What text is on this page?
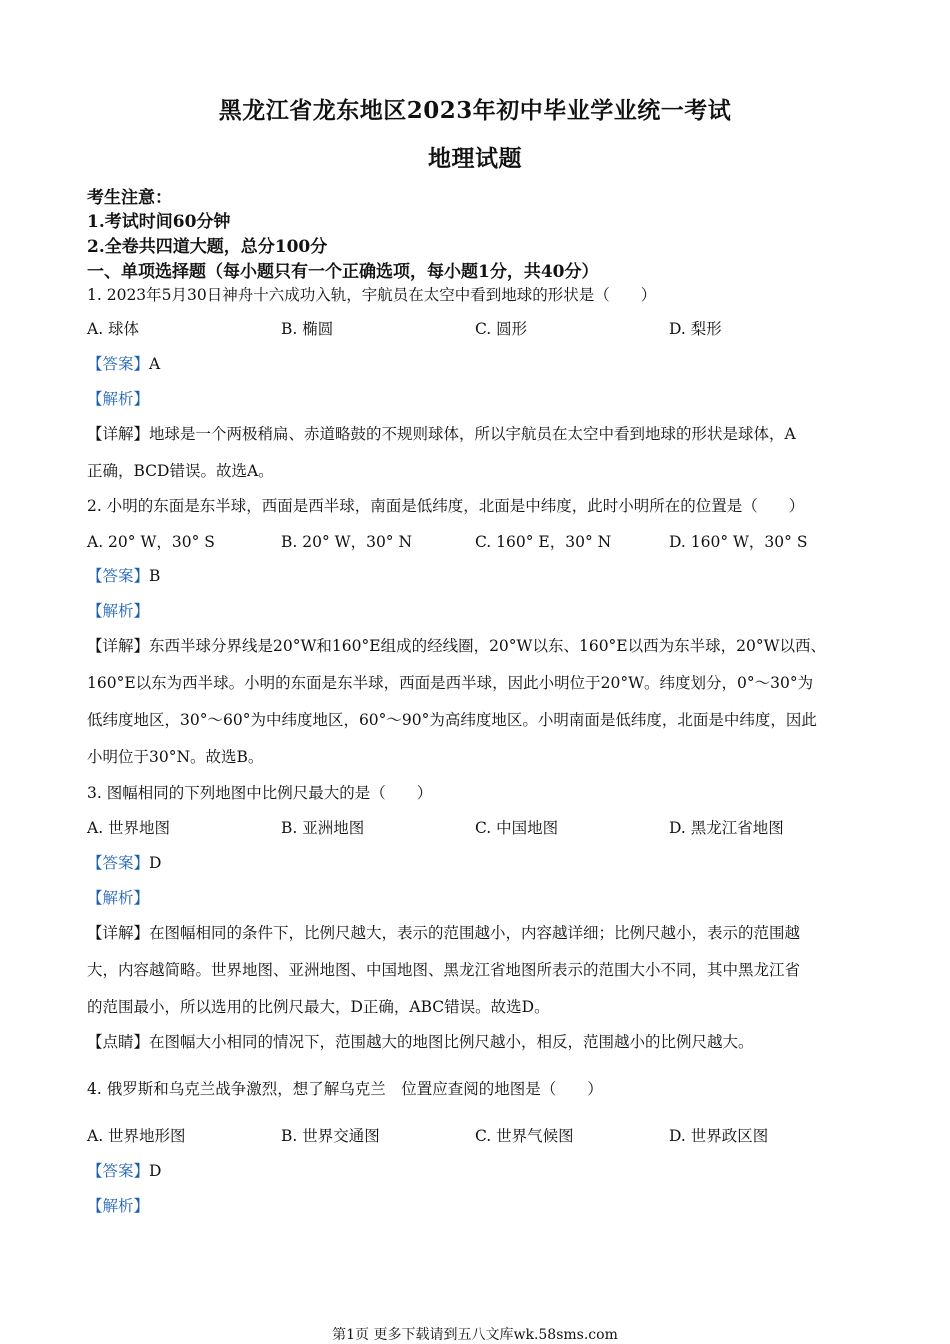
黑龙江省龙东地区2023年初中毕业学业统一考试
地理试题
考生注意：
1.考试时间60分钟
2.全卷共四道大题，总分100分
一、单项选择题（每小题只有一个正确选项，每小题1分，共40分）
1. 2023年5月30日神舟十六成功入轨，宇航员在太空中看到地球的形状是（　　）
A. 球体	B. 椭圆	C. 圆形	D. 梨形
【答案】A
【解析】
【详解】地球是一个两极稍扁、赤道略鼓的不规则球体，所以宇航员在太空中看到地球的形状是球体，A
正确，BCD错误。故选A。
2. 小明的东面是东半球，西面是西半球，南面是低纬度，北面是中纬度，此时小明所在的位置是（　　）
A. 20° W，30° S	B. 20° W，30° N	C. 160° E，30° N	D. 160° W，30° S
【答案】B
【解析】
【详解】东西半球分界线是20°W和160°E组成的经线圈，20°W以东、160°E以西为东半球，20°W以西、
160°E以东为西半球。小明的东面是东半球，西面是西半球，因此小明位于20°W。纬度划分，0°～30°为
低纬度地区，30°～60°为中纬度地区，60°～90°为高纬度地区。小明南面是低纬度，北面是中纬度，因此
小明位于30°N。故选B。
3. 图幅相同的下列地图中比例尺最大的是（　　）
A. 世界地图	B. 亚洲地图	C. 中国地图	D. 黑龙江省地图
【答案】D
【解析】
【详解】在图幅相同的条件下，比例尺越大，表示的范围越小，内容越详细；比例尺越小，表示的范围越
大，内容越简略。世界地图、亚洲地图、中国地图、黑龙江省地图所表示的范围大小不同，其中黑龙江省
的范围最小，所以选用的比例尺最大，D正确，ABC错误。故选D。
【点睛】在图幅大小相同的情况下，范围越大的地图比例尺越小，相反，范围越小的比例尺越大。
4. 俄罗斯和乌克兰战争激烈，想了解乌克兰　位置应查阅的地图是（　　）
A. 世界地形图	B. 世界交通图	C. 世界气候图	D. 世界政区图
【答案】D
【解析】
第1页 更多下载请到五八文库wk.58sms.com
